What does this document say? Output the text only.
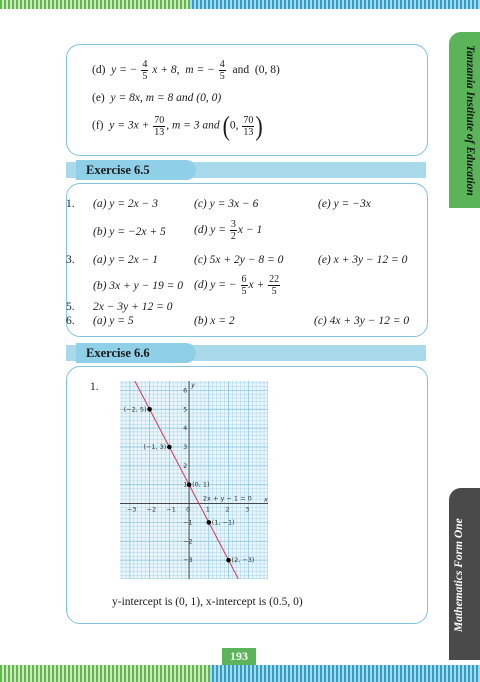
Tanzania Institute of Education
Mathematics Form One
(d) y = − $\frac{4}{5}$ x + 8, m = − $\frac{4}{5}$ and (0, 8)
(e) y = 8x, m = 8 and (0, 0)
(f) $y = 3x + \frac{70}{13}$ , m = 3 and (0, $\frac{70}{13}$ )
Exercise 6.5
1. (a) y = 2x − 3	(c) y = 3x − 6	(e) y = −3x
(b) y = −2x + 5 (d) $y = \frac{3}{2}$ x − 1
3. (a) y = 2x − 1	(c) 5x + 2y − 8 = 0	(e) x + 3y − 12 = 0
(b) 3x + y − 19 = 0 (d) y = − $\frac{6}{5}$ $x + \frac{22}{5}$
5. 2x − 3y + 12 = 0
6. (a) y = 5	(b) x = 2	(c) 4x + 3y − 12 = 0
Exercise 6.6
1.
x
y
−3 −2 −1 0 1 2 3
6
5
4
3
2
1
−1
−2
−3
2x + y − 1 = 0
(−2, 5)
(−1, 3)
(0, 1)
(1, −1)
(2, −3)
y-intercept is (0, 1), x-intercept is (0.5, 0)
193
